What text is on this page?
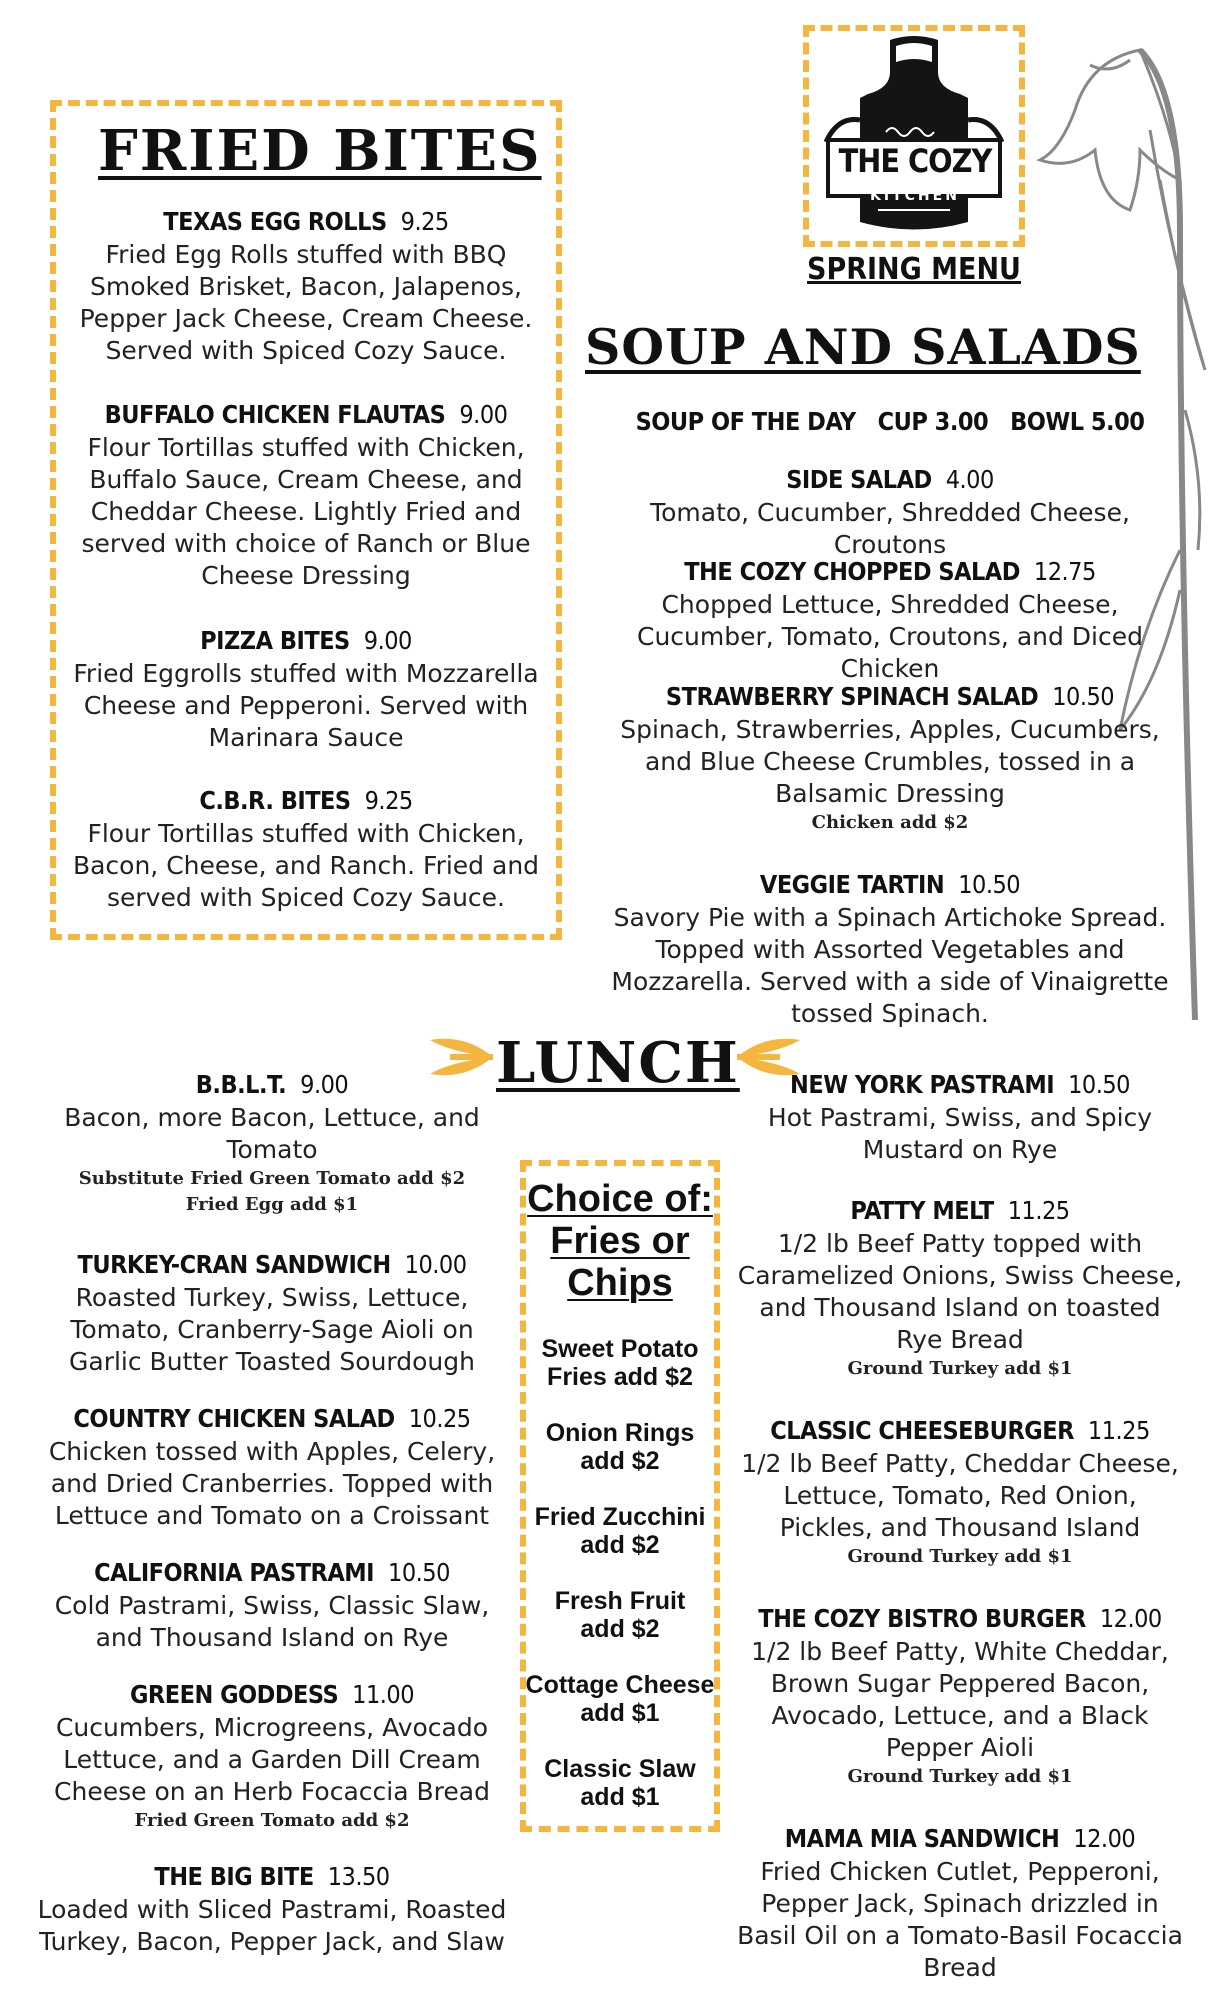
THE COZY
KITCHEN
SPRING MENU
FRIED BITES
TEXAS EGG ROLLS 9.25
Fried Egg Rolls stuffed with BBQ Smoked Brisket, Bacon, Jalapenos, Pepper Jack Cheese, Cream Cheese. Served with Spiced Cozy Sauce.
BUFFALO CHICKEN FLAUTAS 9.00
Flour Tortillas stuffed with Chicken, Buffalo Sauce, Cream Cheese, and Cheddar Cheese. Lightly Fried and served with choice of Ranch or Blue Cheese Dressing
PIZZA BITES 9.00
Fried Eggrolls stuffed with Mozzarella Cheese and Pepperoni. Served with Marinara Sauce
C.B.R. BITES 9.25
Flour Tortillas stuffed with Chicken, Bacon, Cheese, and Ranch. Fried and served with Spiced Cozy Sauce.
SOUP AND SALADS
SOUP OF THE DAY   CUP 3.00   BOWL 5.00
SIDE SALAD 4.00
Tomato, Cucumber, Shredded Cheese, Croutons
THE COZY CHOPPED SALAD 12.75
Chopped Lettuce, Shredded Cheese, Cucumber, Tomato, Croutons, and Diced Chicken
STRAWBERRY SPINACH SALAD 10.50
Spinach, Strawberries, Apples, Cucumbers, and Blue Cheese Crumbles, tossed in a Balsamic Dressing
Chicken add $2
VEGGIE TARTIN 10.50
Savory Pie with a Spinach Artichoke Spread. Topped with Assorted Vegetables and Mozzarella. Served with a side of Vinaigrette tossed Spinach.
LUNCH
B.B.L.T. 9.00
Bacon, more Bacon, Lettuce, and Tomato
Substitute Fried Green Tomato add $2
Fried Egg add $1
TURKEY-CRAN SANDWICH 10.00
Roasted Turkey, Swiss, Lettuce, Tomato, Cranberry-Sage Aioli on Garlic Butter Toasted Sourdough
COUNTRY CHICKEN SALAD 10.25
Chicken tossed with Apples, Celery, and Dried Cranberries. Topped with Lettuce and Tomato on a Croissant
CALIFORNIA PASTRAMI 10.50
Cold Pastrami, Swiss, Classic Slaw, and Thousand Island on Rye
GREEN GODDESS 11.00
Cucumbers, Microgreens, Avocado Lettuce, and a Garden Dill Cream Cheese on an Herb Focaccia Bread
Fried Green Tomato add $2
THE BIG BITE 13.50
Loaded with Sliced Pastrami, Roasted Turkey, Bacon, Pepper Jack, and Slaw
Choice of:
Fries or
Chips
Sweet Potato
Fries add $2
Onion Rings
add $2
Fried Zucchini
add $2
Fresh Fruit
add $2
Cottage Cheese
add $1
Classic Slaw
add $1
NEW YORK PASTRAMI 10.50
Hot Pastrami, Swiss, and Spicy Mustard on Rye
PATTY MELT 11.25
1/2 lb Beef Patty topped with Caramelized Onions, Swiss Cheese, and Thousand Island on toasted Rye Bread
Ground Turkey add $1
CLASSIC CHEESEBURGER 11.25
1/2 lb Beef Patty, Cheddar Cheese, Lettuce, Tomato, Red Onion, Pickles, and Thousand Island
Ground Turkey add $1
THE COZY BISTRO BURGER 12.00
1/2 lb Beef Patty, White Cheddar, Brown Sugar Peppered Bacon, Avocado, Lettuce, and a Black Pepper Aioli
Ground Turkey add $1
MAMA MIA SANDWICH 12.00
Fried Chicken Cutlet, Pepperoni, Pepper Jack, Spinach drizzled in Basil Oil on a Tomato-Basil Focaccia Bread
